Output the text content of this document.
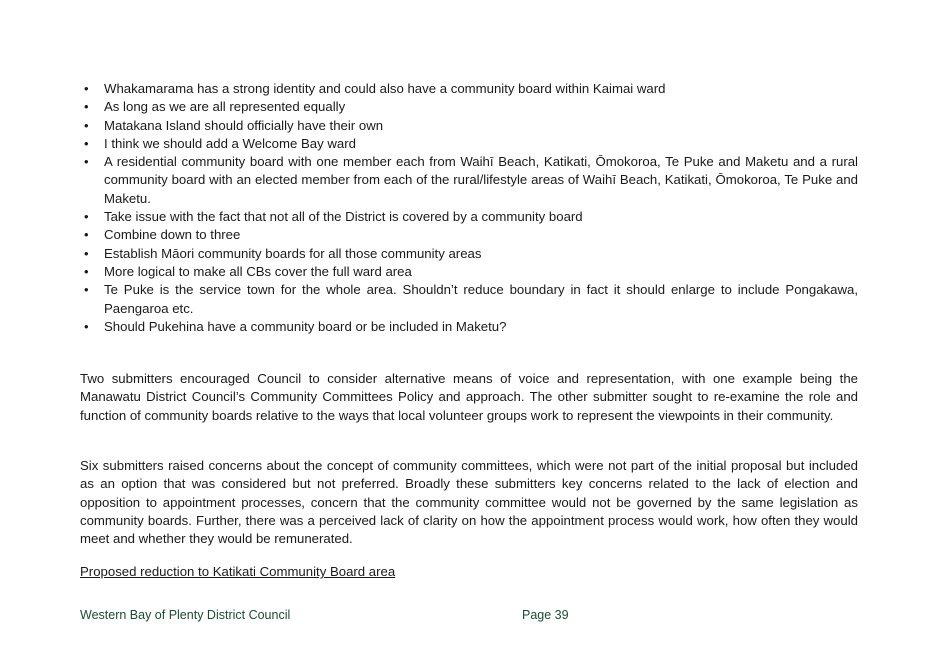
• Whakamarama has a strong identity and could also have a community board within Kaimai ward
• As long as we are all represented equally
• Matakana Island should officially have their own
• I think we should add a Welcome Bay ward
• A residential community board with one member each from Waihī Beach, Katikati, Ōmokoroa, Te Puke and Maketu and a rural community board with an elected member from each of the rural/lifestyle areas of Waihī Beach, Katikati, Ōmokoroa, Te Puke and Maketu.
• Take issue with the fact that not all of the District is covered by a community board
• Combine down to three
• Establish Māori community boards for all those community areas
• More logical to make all CBs cover the full ward area
• Te Puke is the service town for the whole area. Shouldn’t reduce boundary in fact it should enlarge to include Pongakawa, Paengaroa etc.
• Should Pukehina have a community board or be included in Maketu?

Two submitters encouraged Council to consider alternative means of voice and representation, with one example being the Manawatu District Council’s Community Committees Policy and approach. The other submitter sought to re-examine the role and function of community boards relative to the ways that local volunteer groups work to represent the viewpoints in their community.

Six submitters raised concerns about the concept of community committees, which were not part of the initial proposal but included as an option that was considered but not preferred. Broadly these submitters key concerns related to the lack of election and opposition to appointment processes, concern that the community committee would not be governed by the same legislation as community boards. Further, there was a perceived lack of clarity on how the appointment process would work, how often they would meet and whether they would be remunerated.

Proposed reduction to Katikati Community Board area

Western Bay of Plenty District Council	Page 39
